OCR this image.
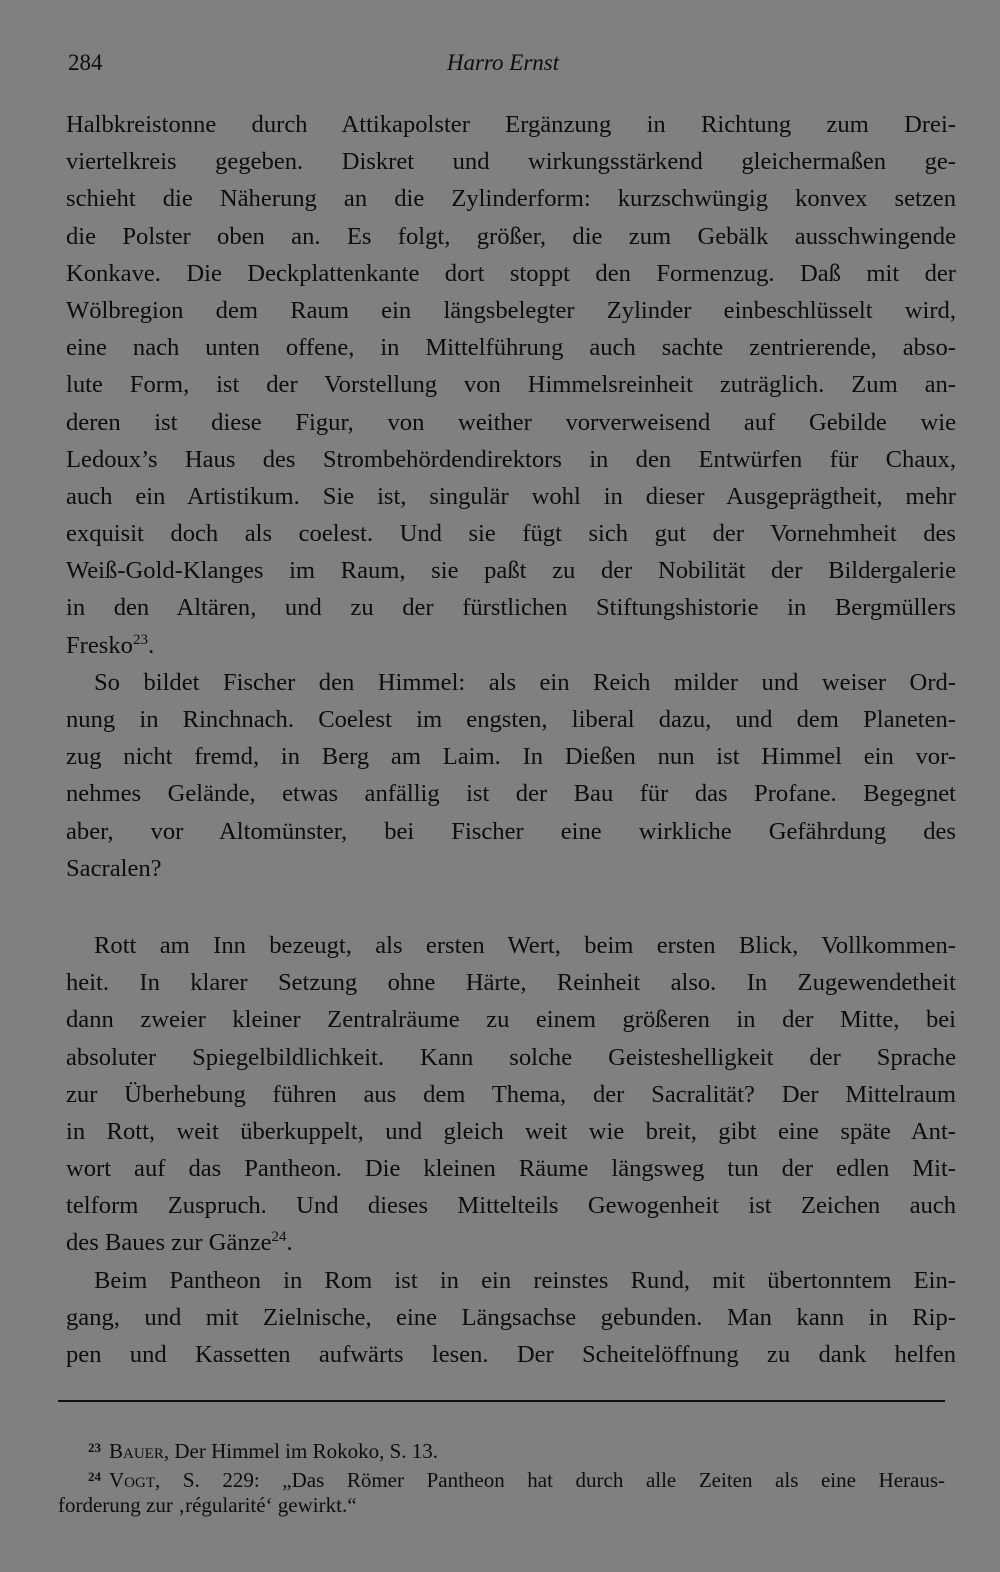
284	Harro Ernst
Halbkreistonne durch Attikapolster Ergänzung in Richtung zum Drei-
viertelkreis gegeben. Diskret und wirkungsstärkend gleichermaßen ge-
schieht die Näherung an die Zylinderform: kurzschwüngig konvex setzen
die Polster oben an. Es folgt, größer, die zum Gebälk ausschwingende
Konkave. Die Deckplattenkante dort stoppt den Formenzug. Daß mit der
Wölbregion dem Raum ein längsbelegter Zylinder einbeschlüsselt wird,
eine nach unten offene, in Mittelführung auch sachte zentrierende, abso-
lute Form, ist der Vorstellung von Himmelsreinheit zuträglich. Zum an-
deren ist diese Figur, von weither vorverweisend auf Gebilde wie
Ledoux’s Haus des Strombehördendirektors in den Entwürfen für Chaux,
auch ein Artistikum. Sie ist, singulär wohl in dieser Ausgeprägtheit, mehr
exquisit doch als coelest. Und sie fügt sich gut der Vornehmheit des
Weiß-Gold-Klanges im Raum, sie paßt zu der Nobilität der Bildergalerie
in den Altären, und zu der fürstlichen Stiftungshistorie in Bergmüllers
Fresko$^{23}$.
So bildet Fischer den Himmel: als ein Reich milder und weiser Ord-
nung in Rinchnach. Coelest im engsten, liberal dazu, und dem Planeten-
zug nicht fremd, in Berg am Laim. In Dießen nun ist Himmel ein vor-
nehmes Gelände, etwas anfällig ist der Bau für das Profane. Begegnet
aber, vor Altomünster, bei Fischer eine wirkliche Gefährdung des
Sacralen?
Rott am Inn bezeugt, als ersten Wert, beim ersten Blick, Vollkommen-
heit. In klarer Setzung ohne Härte, Reinheit also. In Zugewendetheit
dann zweier kleiner Zentralräume zu einem größeren in der Mitte, bei
absoluter Spiegelbildlichkeit. Kann solche Geisteshelligkeit der Sprache
zur Überhebung führen aus dem Thema, der Sacralität? Der Mittelraum
in Rott, weit überkuppelt, und gleich weit wie breit, gibt eine späte Ant-
wort auf das Pantheon. Die kleinen Räume längsweg tun der edlen Mit-
telform Zuspruch. Und dieses Mittelteils Gewogenheit ist Zeichen auch
des Baues zur Gänze$^{24}$.
Beim Pantheon in Rom ist in ein reinstes Rund, mit übertonntem Ein-
gang, und mit Zielnische, eine Längsachse gebunden. Man kann in Rip-
pen und Kassetten aufwärts lesen. Der Scheitelöffnung zu dank helfen
$^{23}$ Bauer, Der Himmel im Rokoko, S. 13.
$^{24}$ Vogt, S. 229: „Das Römer Pantheon hat durch alle Zeiten als eine Heraus-
forderung zur ‚régularité‘ gewirkt.“
